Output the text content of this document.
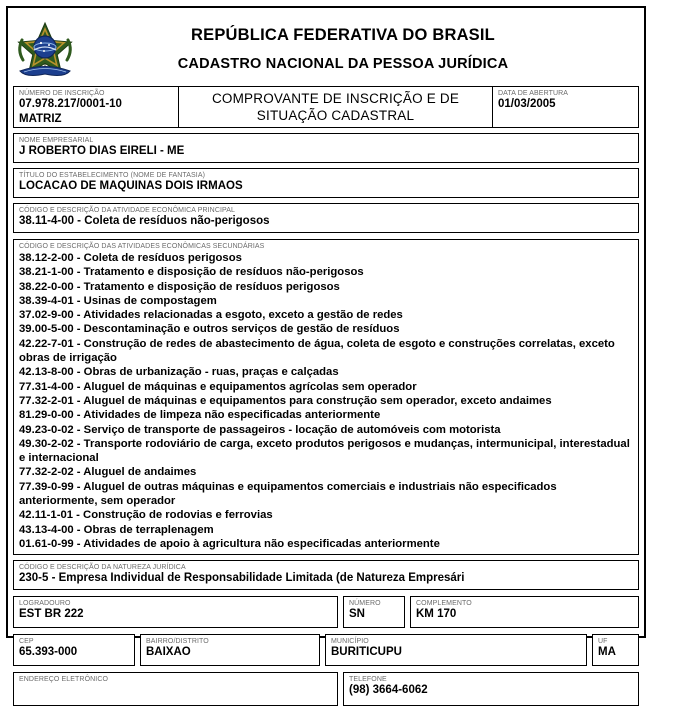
REPÚBLICA FEDERATIVA DO BRASIL
CADASTRO NACIONAL DA PESSOA JURÍDICA
NÚMERO DE INSCRIÇÃO
07.978.217/0001-10
MATRIZ
COMPROVANTE DE INSCRIÇÃO E DE
SITUAÇÃO CADASTRAL
DATA DE ABERTURA
01/03/2005
NOME EMPRESARIAL
J ROBERTO DIAS EIRELI - ME
TÍTULO DO ESTABELECIMENTO (NOME DE FANTASIA)
LOCACAO DE MAQUINAS DOIS IRMAOS
CÓDIGO E DESCRIÇÃO DA ATIVIDADE ECONÔMICA PRINCIPAL
38.11-4-00 - Coleta de resíduos não-perigosos
CÓDIGO E DESCRIÇÃO DAS ATIVIDADES ECONÔMICAS SECUNDÁRIAS
38.12-2-00 - Coleta de resíduos perigosos
38.21-1-00 - Tratamento e disposição de resíduos não-perigosos
38.22-0-00 - Tratamento e disposição de resíduos perigosos
38.39-4-01 - Usinas de compostagem
37.02-9-00 - Atividades relacionadas a esgoto, exceto a gestão de redes
39.00-5-00 - Descontaminação e outros serviços de gestão de resíduos
42.22-7-01 - Construção de redes de abastecimento de água, coleta de esgoto e construções correlatas, exceto obras de irrigação
42.13-8-00 - Obras de urbanização - ruas, praças e calçadas
77.31-4-00 - Aluguel de máquinas e equipamentos agrícolas sem operador
77.32-2-01 - Aluguel de máquinas e equipamentos para construção sem operador, exceto andaimes
81.29-0-00 - Atividades de limpeza não especificadas anteriormente
49.23-0-02 - Serviço de transporte de passageiros - locação de automóveis com motorista
49.30-2-02 - Transporte rodoviário de carga, exceto produtos perigosos e mudanças, intermunicipal, interestadual e internacional
77.32-2-02 - Aluguel de andaimes
77.39-0-99 - Aluguel de outras máquinas e equipamentos comerciais e industriais não especificados anteriormente, sem operador
42.11-1-01 - Construção de rodovias e ferrovias
43.13-4-00 - Obras de terraplenagem
01.61-0-99 - Atividades de apoio à agricultura não especificadas anteriormente
CÓDIGO E DESCRIÇÃO DA NATUREZA JURÍDICA
230-5 - Empresa Individual de Responsabilidade Limitada (de Natureza Empresári
LOGRADOURO
EST BR 222
NÚMERO
SN
COMPLEMENTO
KM 170
CEP
65.393-000
BAIRRO/DISTRITO
BAIXAO
MUNICÍPIO
BURITICUPU
UF
MA
ENDEREÇO ELETRÔNICO	TELEFONE
(98) 3664-6062
